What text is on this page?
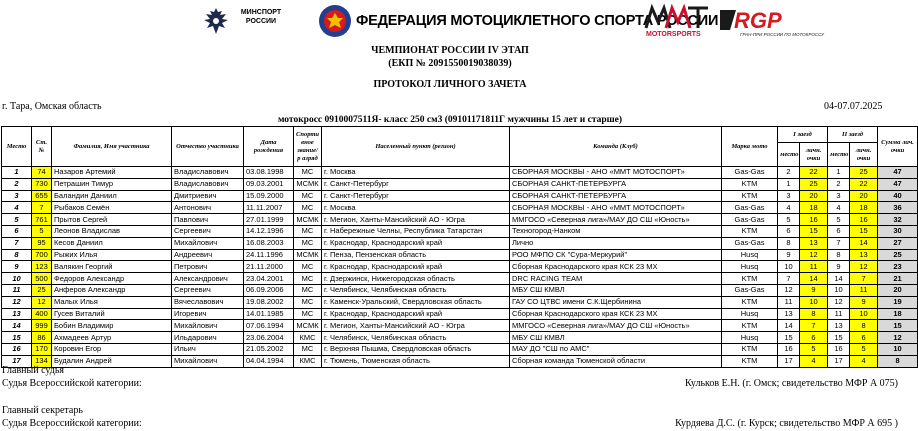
МИНСПОРТ
РОССИИ	ФЕДЕРАЦИЯ МОТОЦИКЛЕТНОГО СПОРТА РОССИИ
MOTORSPORTS
RGP
ГРАН-ПРИ РОССИИ ПО МОТОКРОССУ
ЧЕМПИОНАТ РОССИИ IV ЭТАП
(ЕКП № 2091550019038039)
ПРОТОКОЛ ЛИЧНОГО ЗАЧЕТА
г. Тара, Омская область	04-07.07.2025
мотокросс 0910007511Я- класс 250 см3 (09101171811Г мужчины 15 лет и старше)
Место	Ст. №	Фамилия, Имя участника	Отчество участника	Дата рождения	Спорти вное звание/р азряд	Населенный пункт (регион)	Команда (Клуб)	Марка мото	I заезд		II заезд		Сумма лич. очки
									место	личн. очки	место	личн. очки	
1	74	Назаров Артемий	Владиславович	03.08.1998	МС	г. Москва	СБОРНАЯ МОСКВЫ - АНО «ММТ МОТОСПОРТ»	Gas-Gas	2	22	1	25	47
2	730	Петрашин Тимур	Владиславович	09.03.2001	МСМК	г. Санкт-Петербург	СБОРНАЯ САНКТ-ПЕТЕРБУРГА	KTM	1	25	2	22	47
3	655	Баландин Даниил	Дмитриевич	15.09.2000	МС	г. Санкт-Петербург	СБОРНАЯ САНКТ-ПЕТЕРБУРГА	KTM	3	20	3	20	40
4	7	Рыбаков Семён	Антонович	11.11.2007	МС	г. Москва	СБОРНАЯ МОСКВЫ - АНО «ММТ МОТОСПОРТ»	Gas-Gas	4	18	4	18	36
5	761	Прытов Сергей	Павлович	27.01.1999	МСМК	г. Мегион, Ханты-Мансийский АО - Югра	ММГОСО «Северная лига»/МАУ ДО СШ «Юность»	Gas-Gas	5	16	5	16	32
6	5	Леонов Владислав	Сергеевич	14.12.1996	МС	г. Набережные Челны, Республика Татарстан	Техногород-Нанком	KTM	6	15	6	15	30
7	95	Кесов Даниил	Михайлович	16.08.2003	МС	г. Краснодар, Краснодарский край	Лично	Gas-Gas	8	13	7	14	27
8	700	Рыжих Илья	Андреевич	24.11.1996	МСМК	г. Пенза, Пензенская область	РОО МФПО СК "Сура-Меркурий"	Husq	9	12	8	13	25
9	123	Валякин Георгий	Петрович	21.11.2000	МС	г. Краснодар, Краснодарский край	Сборная Краснодарского края КСК 23 МХ	Husq	10	11	9	12	23
10	500	Федоров Александр	Александрович	23.04.2001	МС	г. Дзержинск, Нижегородская область	DRC RACING TEAM	KTM	7	14	14	7	21
11	25	Анферов Александр	Сергеевич	06.09.2006	МС	г. Челябинск, Челябинская область	МБУ СШ КМВЛ	Gas-Gas	12	9	10	11	20
12	12	Малых Илья	Вячеславович	19.08.2002	МС	г. Каменск-Уральский, Свердловская область	ГАУ СО ЦТВС имени С.К.Щербинина	KTM	11	10	12	9	19
13	400	Гусев Виталий	Игоревич	14.01.1985	МС	г. Краснодар, Краснодарский край	Сборная Краснодарского края КСК 23 МХ	Husq	13	8	11	10	18
14	999	Бобин Владимир	Михайлович	07.06.1994	МСМК	г. Мегион, Ханты-Мансийский АО - Югра	ММГОСО «Северная лига»/МАУ ДО СШ «Юность»	KTM	14	7	13	8	15
15	86	Ахмадеев Артур	Ильдарович	23.06.2004	КМС	г. Челябинск, Челябинская область	МБУ СШ КМВЛ	Husq	15	6	15	6	12
16	170	Коровин Егор	Ильич	21.05.2002	МС	г. Верхняя Пышма, Свердловская область	МАУ ДО "СШ по АМС"	KTM	16	5	16	5	10
17	134	Будалин Андрей	Михайлович	04.04.1994	КМС	г. Тюмень, Тюменская область	Сборная команда Тюменской области	KTM	17	4	17	4	8
Главный судья
Судья Всероссийской категории:	Кульков Е.Н. (г. Омск; свидетельство МФР А 075)
Главный секретарь
Судья Всероссийской категории:	Курдяева Д.С. (г. Курск; свидетельство МФР А 695 )
